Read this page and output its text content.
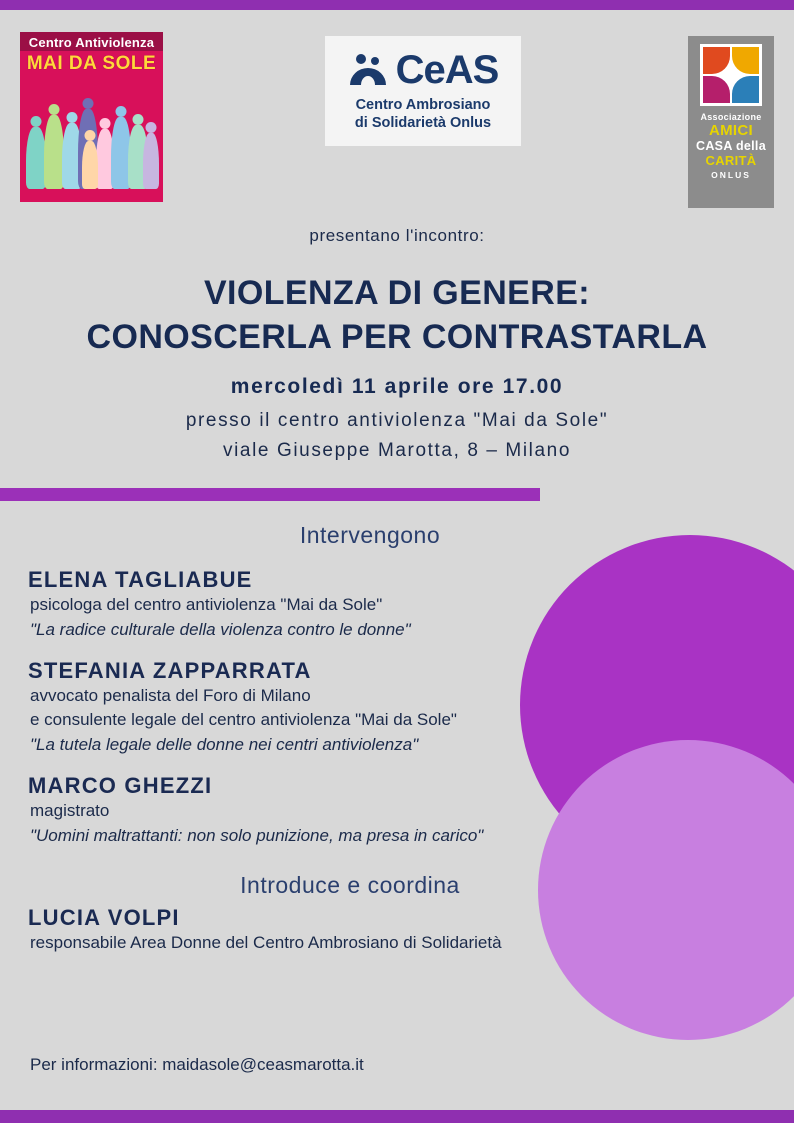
Centro Antiviolenza
MAI DA SOLE	CeAS
Centro Ambrosiano
di Solidarietà Onlus	Associazione
AMICI
CASA della
CARITÀ
ONLUS
presentano l'incontro:
VIOLENZA DI GENERE:
CONOSCERLA PER CONTRASTARLA
mercoledì 11 aprile ore 17.00
presso il centro antiviolenza "Mai da Sole"
viale Giuseppe Marotta, 8 – Milano
Intervengono
ELENA TAGLIABUE
psicologa del centro antiviolenza "Mai da Sole"
"La radice culturale della violenza contro le donne"
STEFANIA ZAPPARRATA
avvocato penalista del Foro di Milano
e consulente legale del centro antiviolenza "Mai da Sole"
"La tutela legale delle donne nei centri antiviolenza"
MARCO GHEZZI
magistrato
"Uomini maltrattanti: non solo punizione, ma presa in carico"
Introduce e coordina
LUCIA VOLPI
responsabile Area Donne del Centro Ambrosiano di Solidarietà
Per informazioni: maidasole@ceasmarotta.it
